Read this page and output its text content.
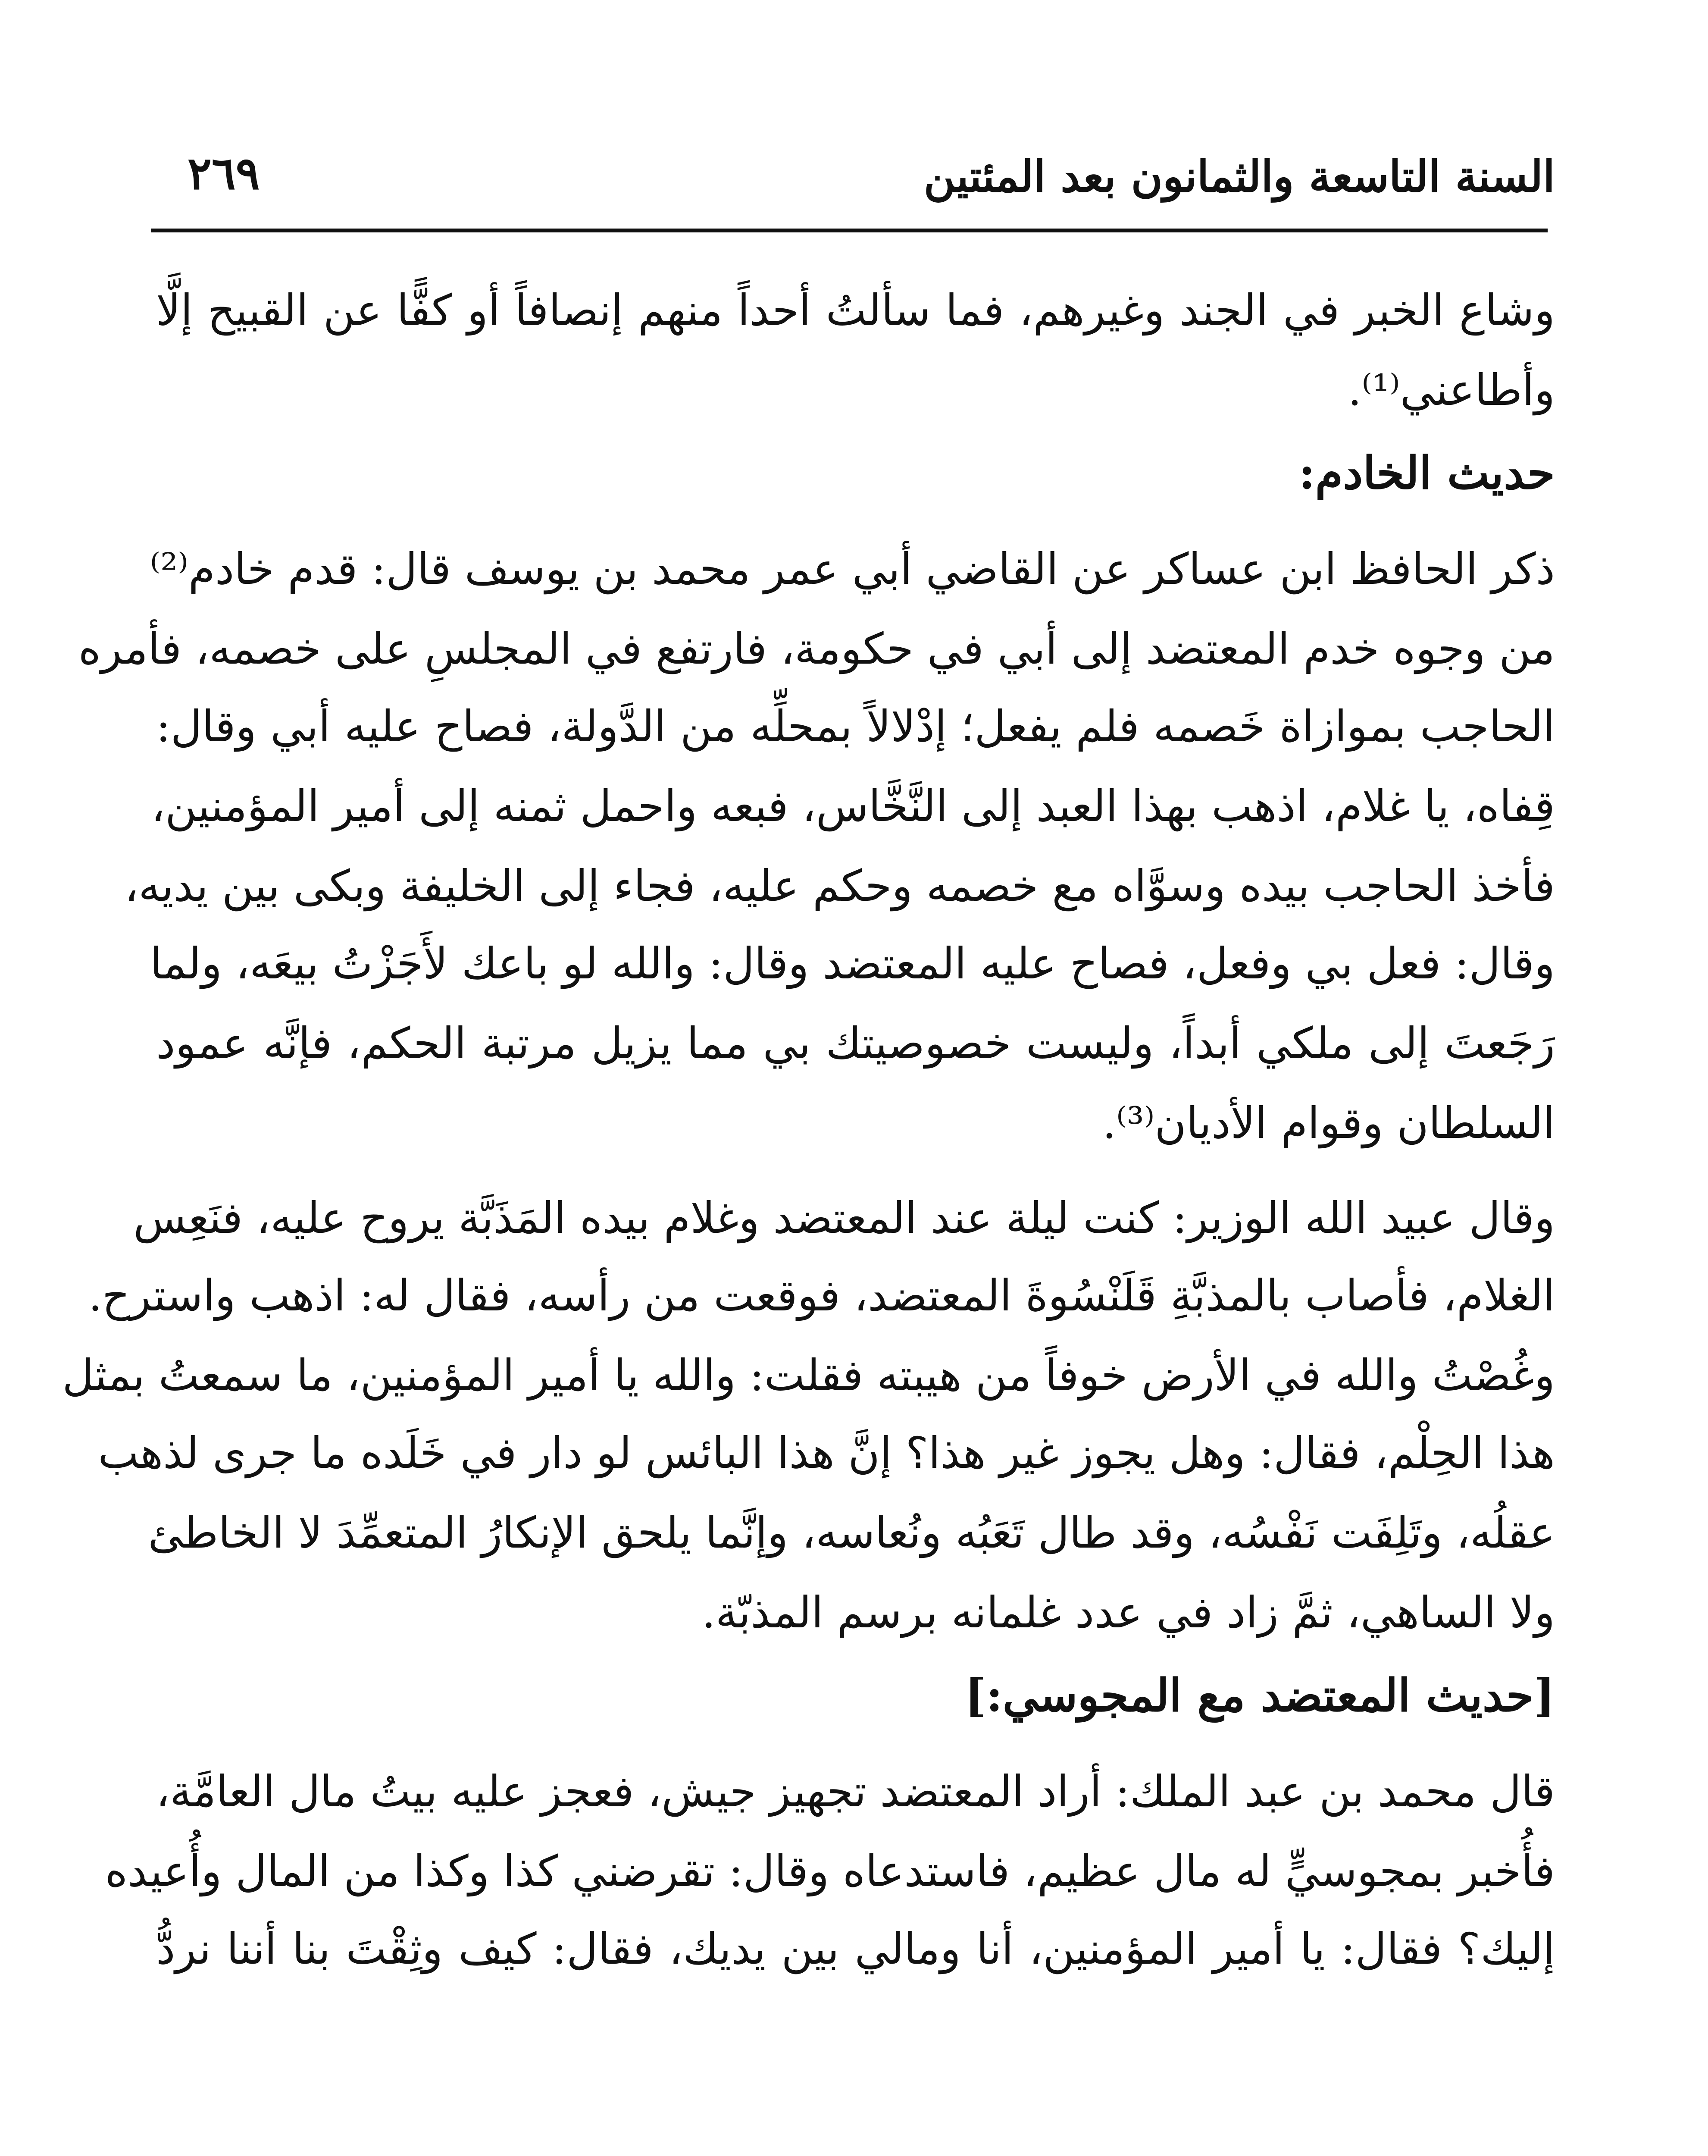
السنة التاسعة والثمانون بعد المئتين
٢٦٩
وشاع الخبر في الجند وغيرهم، فما سألتُ أحداً منهم إنصافاً أو كفًّا عن القبيح إلَّا
وأطاعني⁽¹⁾.
حديث الخادم:
ذكر الحافظ ابن عساكر عن القاضي أبي عمر محمد بن يوسف قال: قدم خادم⁽²⁾
من وجوه خدم المعتضد إلى أبي في حكومة، فارتفع في المجلسِ على خصمه، فأمره
الحاجب بموازاة خَصمه فلم يفعل؛ إدْلالاً بمحلِّه من الدَّولة، فصاح عليه أبي وقال:
قِفاه، يا غلام، اذهب بهذا العبد إلى النَّخَّاس، فبعه واحمل ثمنه إلى أمير المؤمنين،
فأخذ الحاجب بيده وسوَّاه مع خصمه وحكم عليه، فجاء إلى الخليفة وبكى بين يديه،
وقال: فعل بي وفعل، فصاح عليه المعتضد وقال: والله لو باعك لأَجَزْتُ بيعَه، ولما
رَجَعتَ إلى ملكي أبداً، وليست خصوصيتك بي مما يزيل مرتبة الحكم، فإنَّه عمود
السلطان وقوام الأديان⁽³⁾.
وقال عبيد الله الوزير: كنت ليلة عند المعتضد وغلام بيده المَذَبَّة يروح عليه، فنَعِس
الغلام، فأصاب بالمذبَّةِ قَلَنْسُوةَ المعتضد، فوقعت من رأسه، فقال له: اذهب واسترح.
وغُصْتُ والله في الأرض خوفاً من هيبته فقلت: والله يا أمير المؤمنين، ما سمعتُ بمثل
هذا الحِلْم، فقال: وهل يجوز غير هذا؟ إنَّ هذا البائس لو دار في خَلَده ما جرى لذهب
عقلُه، وتَلِفَت نَفْسُه، وقد طال تَعَبُه ونُعاسه، وإنَّما يلحق الإنكارُ المتعمِّدَ لا الخاطئ
ولا الساهي، ثمَّ زاد في عدد غلمانه برسم المذبّة.
[حديث المعتضد مع المجوسي:]
قال محمد بن عبد الملك: أراد المعتضد تجهيز جيش، فعجز عليه بيتُ مال العامَّة،
فأُخبر بمجوسيٍّ له مال عظيم، فاستدعاه وقال: تقرضني كذا وكذا من المال وأُعيده
إليك؟ فقال: يا أمير المؤمنين، أنا ومالي بين يديك، فقال: كيف وثِقْتَ بنا أننا نردُّ
